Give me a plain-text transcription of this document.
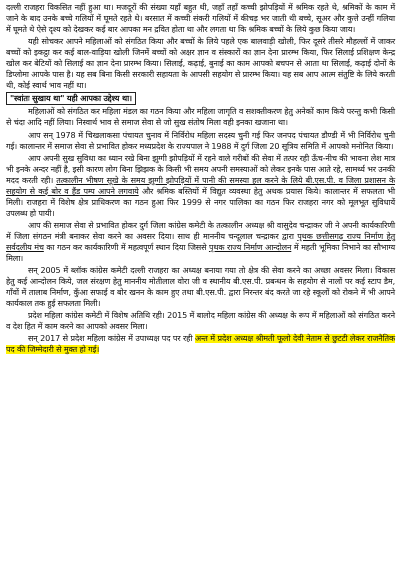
दल्ली राजहरा विकसित नहीं हुआ था। मजदूरों की संख्या यहाँ बहुत थी, जहाँ तहाँ कच्ची झोपड़ियों में श्रमिक रहते थे, श्रमिकों के काम में जाने के बाद उनके बच्चे गलियों में घूमते रहते थे। बरसात में कच्ची संकरी गलियों में कीचड़ भर जाती थी बच्चे, सूअर और कुत्ते उन्हीं गलिया में घूमते थे ऐसे दृश्य को देखकर कई बार आपका मन द्रवित होता था और लगता था कि श्रमिक बच्चों के लिये कुछ किया जाय।

यही सोचकर आपने महिलाओं को संगठित किया और बच्चों के लिये पहले एक बालवाड़ी खोली, फिर दूसरे तीसरे मौहल्लों में जाकर बच्चों को इकट्ठा कर कई बाल-वाड़िया खोली जिनमें बच्चों को अक्षर ज्ञान व संस्कारों का ज्ञान देना प्रारम्भ किया, फिर सिलाई प्रशिक्षण केन्द्र खोल कर बेटियों को सिलाई का ज्ञान देना प्रारम्भ किया। सिलाई, कढ़ाई, बुनाई का काम आपको बचपन से आता था सिलाई, कढ़ाई दोनों के डिप्लोमा आपके पास है। यह सब बिना किसी सरकारी सहायता के आपसी सहयोग से प्रारम्भ किया। यह सब आप आत्म संतुष्टि के लिये करती थी, कोई स्वार्थ भाव नहीं था।

"स्वांतः सुखाय था" यही आपका उद्देश्य था।

महिलाओं को संगठित कर महिला मंडल का गठन किया और महिला जागृति व सशक्तीकरण हेतु अनेकों काम किये परन्तु कभी किसी से चंदा आदि नहीं लिया। निस्वार्थ भाव से समाज सेवा से जो सुख संतोष मिला वही इनका खजाना था।

आप सन् 1978 में चिखलाकसा पंचायत चुनाव में निर्विरोध महिला सदस्य चुनी गई फिर जनपद पंचायत डौण्डी में भी निर्विरोध चुनी गई। कालान्तर में समाज सेवा से प्रभावित होकर मध्यप्रदेश के राज्यपाल ने 1988 में दुर्ग जिला 20 सूत्रिय समिति में आपको मनोनित किया।

आप अपनी सुख सुविधा का ध्यान रखे बिना झुग्गी झोपड़ियों में रहने वाले गरीबों की सेवा में तत्पर रही ऊँच-नीच की भावना लेश मात्र भी इनके अन्दर नहीं है, इसी कारण लोग बिना झिझक के किसी भी समय अपनी समस्याओं को लेकर इनके पास आते रहे, सामर्थ्य भर उनकी मदद करती रही। तत्कालीन भीषण सूखे के समय झुग्गी झोपड़ियों में पानी की समस्या हल करने के लिये बी.एस.पी. व जिला प्रशासन के सहयोग से कई बोर व हैंड पम्प आपने लगवाये और श्रमिक बस्तियों में विद्युत व्यवस्था हेतु अथक प्रयास किये। कालान्तर में सफलता भी मिली। राजहरा में विशेष क्षेत्र प्राधिकरण का गठन हुआ फिर 1999 से नगर पालिका का गठन फिर राजहरा नगर को मूलभूत सुविधायें उपलब्ध हो पायी।

आप की समाज सेवा से प्रभावित होकर दुर्ग जिला कांग्रेस कमेटी के तत्कालीन अध्यक्ष श्री वासुदेव चन्द्राकर जी ने अपनी कार्यकारिणी में जिला संगठन मंत्री बनाकर सेवा करने का अवसर दिया। साथ ही माननीय चन्दूलाल चन्द्राकर द्वारा पृथक छत्तीसगढ़ राज्य निर्माण हेतु सर्वदलीय मंच का गठन कर कार्यकारिणी में महत्वपूर्ण स्थान दिया जिससे पृथक राज्य निर्माण आन्दोलन में महती भूमिका निभाने का सौभाग्य मिला।

सन् 2005 में ब्लॉक कांग्रेस कमेटी दल्ली राजहरा का अध्यक्ष बनाया गया तो क्षेत्र की सेवा करने का अच्छा अवसर मिला। विकास हेतु कई आन्दोलन किये, जल संरक्षण हेतु माननीय मोतीलाल वोरा जी व स्थानीय बी.एस.पी. प्रबन्धन के सहयोग से नालों पर कई स्टाप डैम, गाँवों में तालाब निर्माण, कुँआ सफाई व बोर खनन के काम हुए तथा बी.एस.पी. द्वारा निरन्तर बंद करते जा रहे स्कूलों को रोकने में भी आपने कार्यकाल तक हुई सफलता मिली।

प्रदेश महिला कांग्रेस कमेटी में विशेष अतिथि रही। 2015 में बालोद महिला कांग्रेस की अध्यक्ष के रूप में महिलाओं को संगठित करने व देश हित में काम करने का आपको अवसर मिला।

सन् 2017 से प्रदेश महिला कांग्रेस में उपाध्यक्ष पद पर रही अन्त में प्रदेश अध्यक्ष श्रीमती फूलो देवी नेताम से छुटटी लेकर राजनैतिक पद की जिम्मेदारी से मुक्त हो गई।
